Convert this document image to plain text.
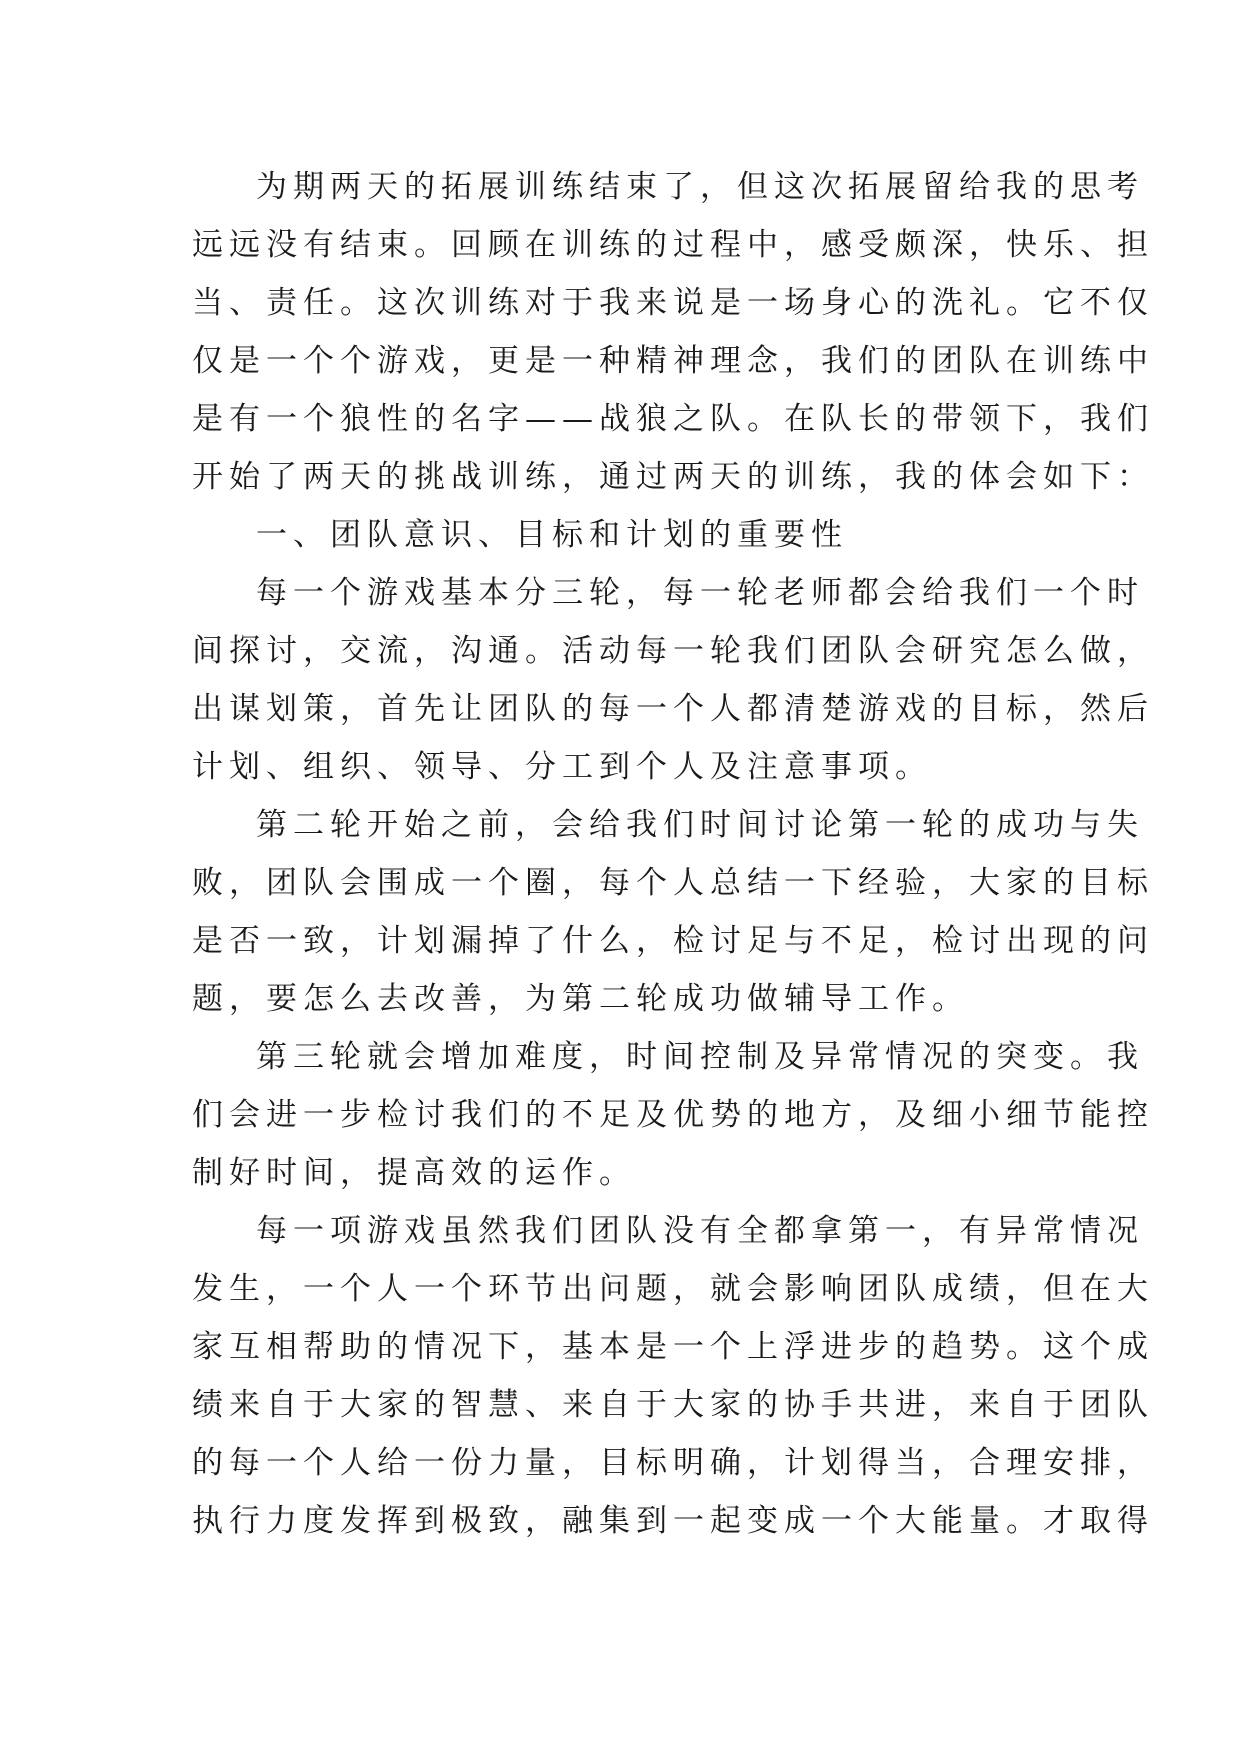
为期两天的拓展训练结束了，但这次拓展留给我的思考
远远没有结束。回顾在训练的过程中，感受颇深，快乐、担
当、责任。这次训练对于我来说是一场身心的洗礼。它不仅
仅是一个个游戏，更是一种精神理念，我们的团队在训练中
是有一个狼性的名字——战狼之队。在队长的带领下，我们
开始了两天的挑战训练，通过两天的训练，我的体会如下：
一、团队意识、目标和计划的重要性
每一个游戏基本分三轮，每一轮老师都会给我们一个时
间探讨，交流，沟通。活动每一轮我们团队会研究怎么做，
出谋划策，首先让团队的每一个人都清楚游戏的目标，然后
计划、组织、领导、分工到个人及注意事项。
第二轮开始之前，会给我们时间讨论第一轮的成功与失
败，团队会围成一个圈，每个人总结一下经验，大家的目标
是否一致，计划漏掉了什么，检讨足与不足，检讨出现的问
题，要怎么去改善，为第二轮成功做辅导工作。
第三轮就会增加难度，时间控制及异常情况的突变。我
们会进一步检讨我们的不足及优势的地方，及细小细节能控
制好时间，提高效的运作。
每一项游戏虽然我们团队没有全都拿第一，有异常情况
发生，一个人一个环节出问题，就会影响团队成绩，但在大
家互相帮助的情况下，基本是一个上浮进步的趋势。这个成
绩来自于大家的智慧、来自于大家的协手共进，来自于团队
的每一个人给一份力量，目标明确，计划得当，合理安排，
执行力度发挥到极致，融集到一起变成一个大能量。才取得
